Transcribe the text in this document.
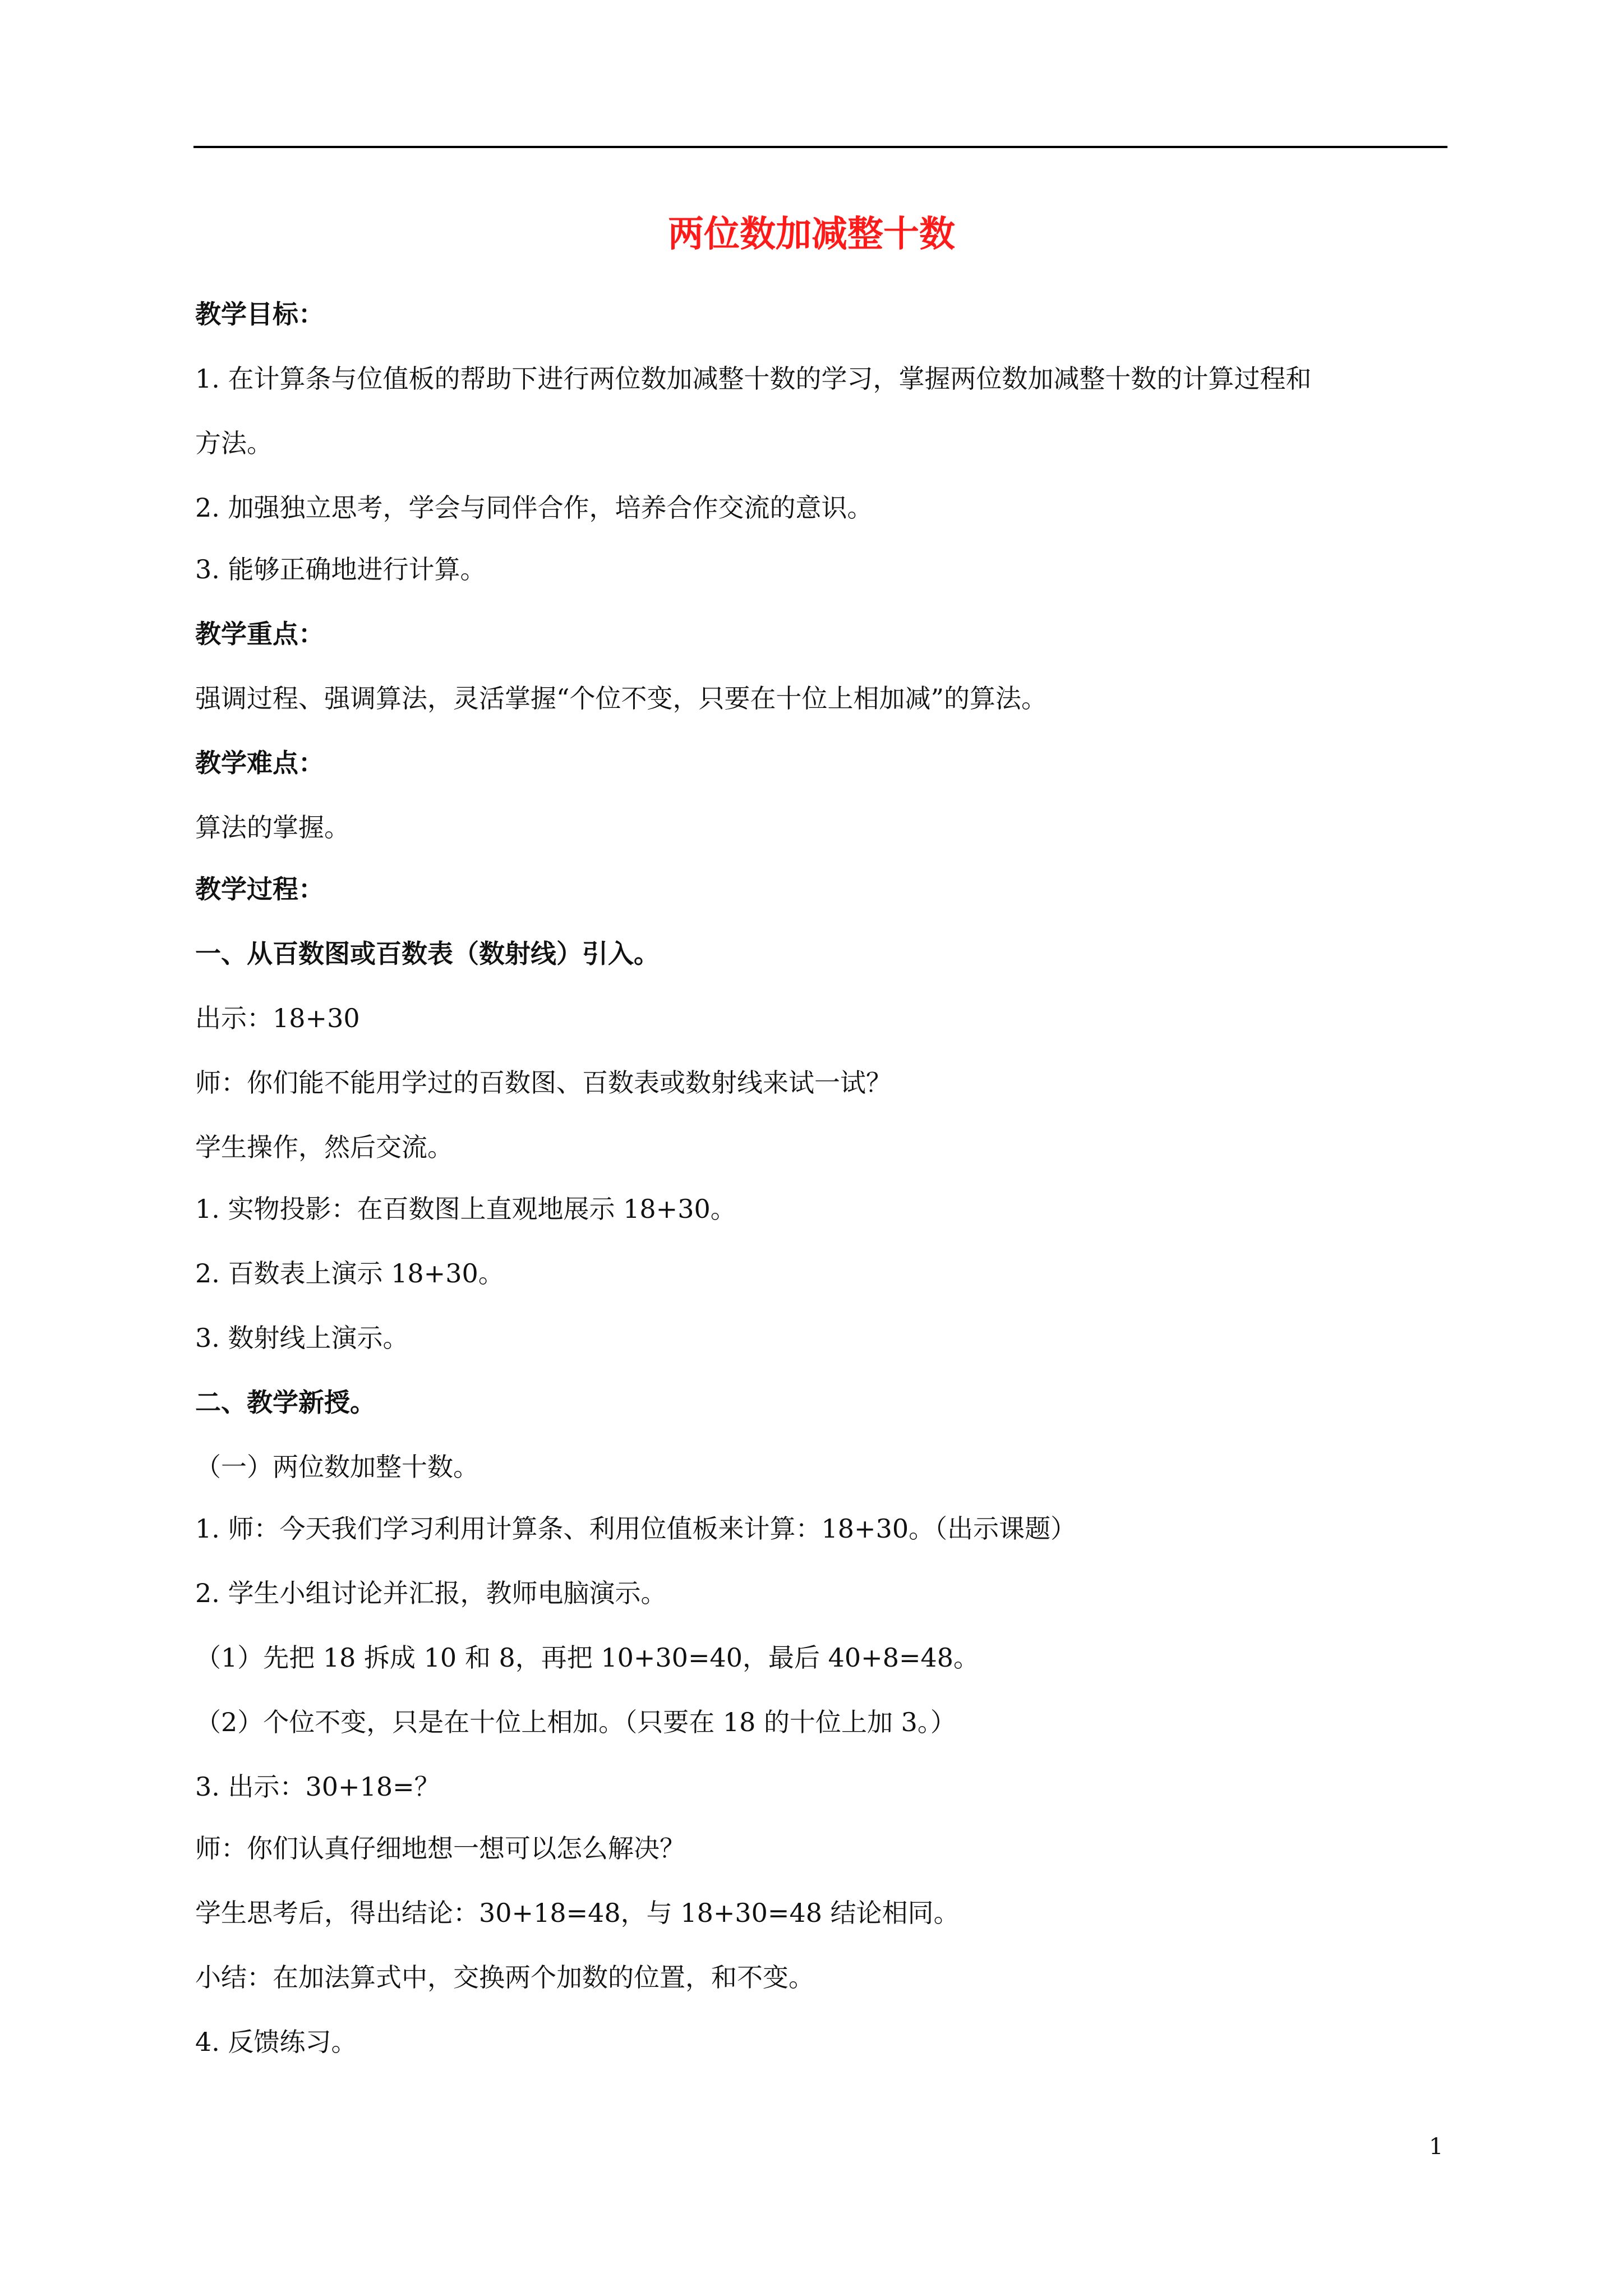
两位数加减整十数
教学目标：
1. 在计算条与位值板的帮助下进行两位数加减整十数的学习，掌握两位数加减整十数的计算过程和
方法。
2. 加强独立思考，学会与同伴合作，培养合作交流的意识。
3. 能够正确地进行计算。
教学重点：
强调过程、强调算法，灵活掌握“个位不变，只要在十位上相加减”的算法。
教学难点：
算法的掌握。
教学过程：
一、从百数图或百数表（数射线）引入。
出示：18+30
师：你们能不能用学过的百数图、百数表或数射线来试一试？
学生操作，然后交流。
1. 实物投影：在百数图上直观地展示 18+30。
2. 百数表上演示 18+30。
3. 数射线上演示。
二、教学新授。
（一）两位数加整十数。
1. 师：今天我们学习利用计算条、利用位值板来计算：18+30。（出示课题）
2. 学生小组讨论并汇报，教师电脑演示。
（1）先把 18 拆成 10 和 8，再把 10+30=40，最后 40+8=48。
（2）个位不变，只是在十位上相加。（只要在 18 的十位上加 3。）
3. 出示：30+18=？
师：你们认真仔细地想一想可以怎么解决？
学生思考后，得出结论：30+18=48，与 18+30=48 结论相同。
小结：在加法算式中，交换两个加数的位置，和不变。
4. 反馈练习。
1
